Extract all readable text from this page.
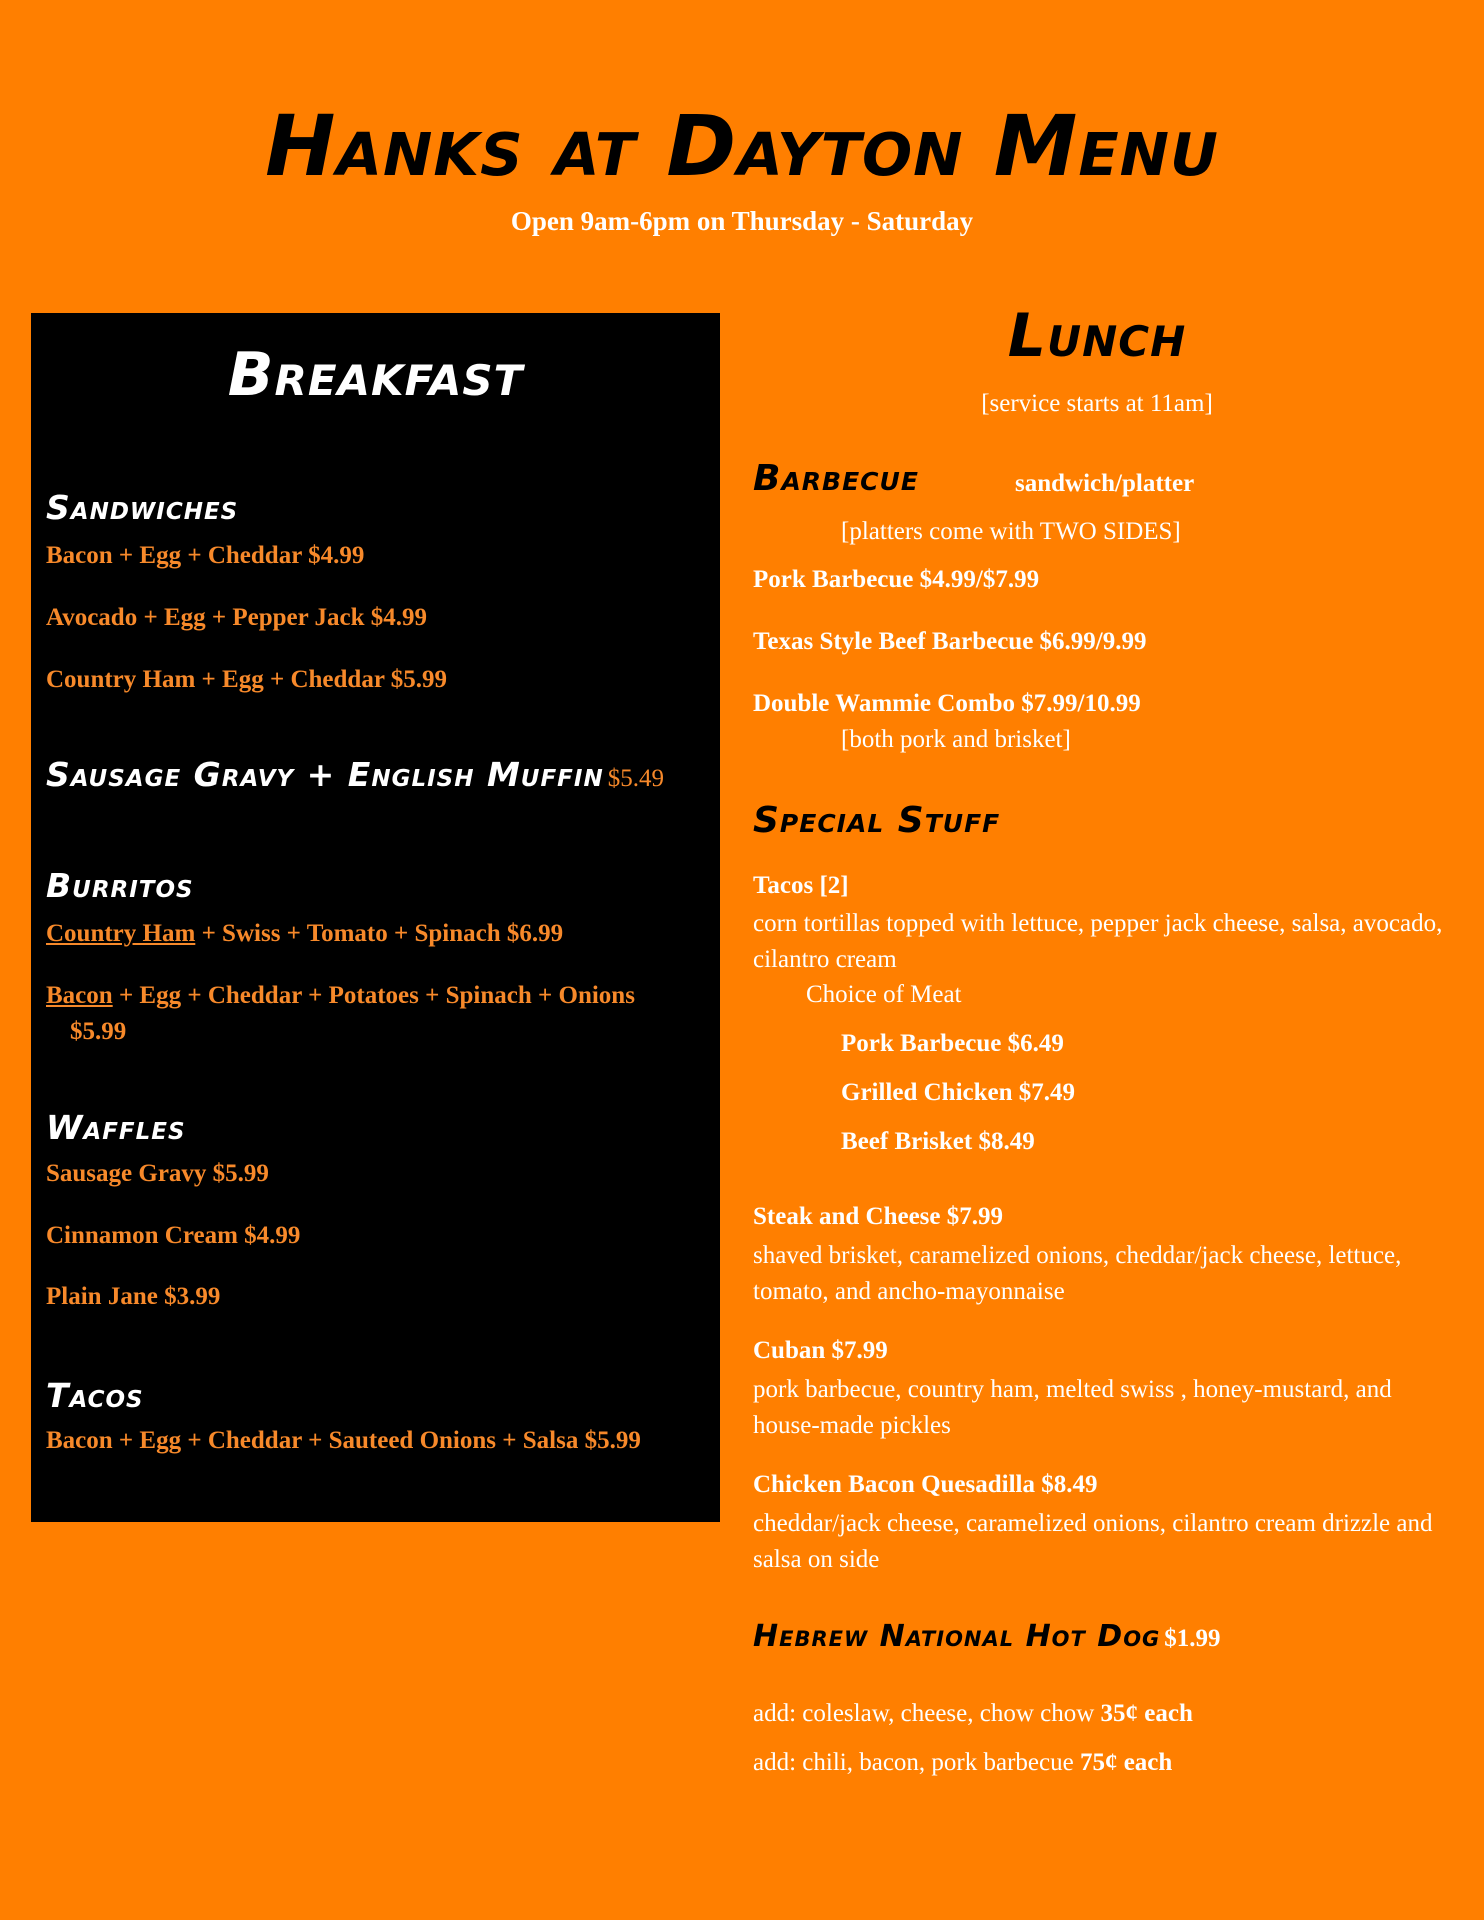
Hanks at Dayton Menu
Open 9am-6pm on Thursday - Saturday
Breakfast
Sandwiches
Bacon + Egg + Cheddar $4.99
Avocado + Egg + Pepper Jack $4.99
Country Ham + Egg + Cheddar $5.99
Sausage Gravy + English Muffin $5.49
Burritos
Country Ham + Swiss + Tomato + Spinach $6.99
Bacon + Egg + Cheddar + Potatoes + Spinach + Onions
$5.99
Waffles
Sausage Gravy $5.99
Cinnamon Cream $4.99
Plain Jane $3.99
Tacos
Bacon + Egg + Cheddar + Sauteed Onions + Salsa $5.99
Lunch
[service starts at 11am]
Barbecue	sandwich/platter
[platters come with TWO SIDES]
Pork Barbecue $4.99/$7.99
Texas Style Beef Barbecue $6.99/9.99
Double Wammie Combo $7.99/10.99
[both pork and brisket]
Special Stuff
Tacos [2]
corn tortillas topped with lettuce, pepper jack cheese, salsa, avocado, cilantro cream
Choice of Meat
Pork Barbecue $6.49
Grilled Chicken $7.49
Beef Brisket $8.49
Steak and Cheese $7.99
shaved brisket, caramelized onions, cheddar/jack cheese, lettuce, tomato, and ancho-mayonnaise
Cuban $7.99
pork barbecue, country ham, melted swiss , honey-mustard, and house-made pickles
Chicken Bacon Quesadilla $8.49
cheddar/jack cheese, caramelized onions, cilantro cream drizzle and salsa on side
Hebrew National Hot Dog $1.99
add: coleslaw, cheese, chow chow 35¢ each
add: chili, bacon, pork barbecue 75¢ each
